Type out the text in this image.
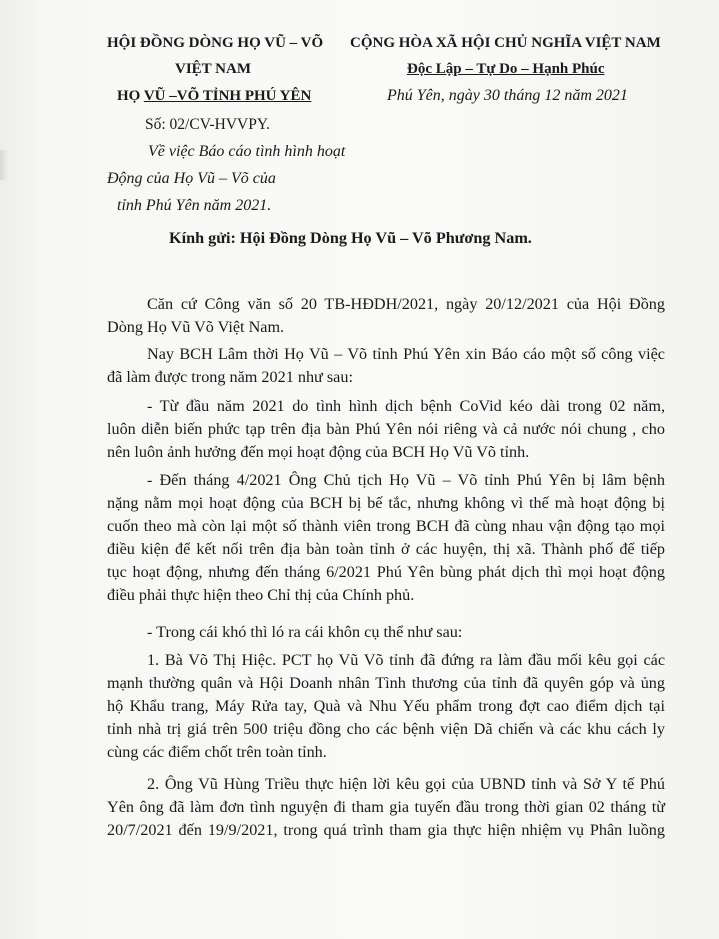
HỘI ĐỒNG DÒNG HỌ VŨ – VÕ
VIỆT NAM
HỌ VŨ –VÕ TỈNH PHÚ YÊN
CỘNG HÒA XÃ HỘI CHỦ NGHĨA VIỆT NAM
Độc Lập – Tự Do – Hạnh Phúc
Phú Yên, ngày 30 tháng 12 năm 2021
Số: 02/CV-HVVPY.
Về việc Báo cáo tình hình hoạt
Động của Họ Vũ – Võ của
tỉnh Phú Yên năm 2021.
Kính gửi: Hội Đồng Dòng Họ Vũ – Võ Phương Nam.
Căn cứ Công văn số 20 TB-HĐDH/2021, ngày 20/12/2021 của Hội Đồng
Dòng Họ Vũ Võ Việt Nam.
Nay BCH Lâm thời Họ Vũ – Võ tỉnh Phú Yên xin Báo cáo một số công việc
đã làm được trong năm 2021 như sau:
- Từ đầu năm 2021 do tình hình dịch bệnh CoVid kéo dài trong 02 năm,
luôn diễn biến phức tạp trên địa bàn Phú Yên nói riêng và cả nước nói chung , cho
nên luôn ảnh hưởng đến mọi hoạt động của BCH Họ Vũ Võ tỉnh.
- Đến tháng 4/2021 Ông Chủ tịch Họ Vũ – Võ tỉnh Phú Yên bị lâm bệnh
nặng nằm mọi hoạt động của BCH bị bế tắc, nhưng không vì thế mà hoạt động bị
cuốn theo mà còn lại một số thành viên trong BCH đã cùng nhau vận động tạo mọi
điều kiện để kết nối trên địa bàn toàn tỉnh ở các huyện, thị xã. Thành phố để tiếp
tục hoạt động, nhưng đến tháng 6/2021 Phú Yên bùng phát dịch thì mọi hoạt động
điều phải thực hiện theo Chỉ thị của Chính phủ.
- Trong cái khó thì ló ra cái khôn cụ thể như sau:
1. Bà Võ Thị Hiệc. PCT họ Vũ Võ tỉnh đã đứng ra làm đầu mối kêu gọi các
mạnh thường quân và Hội Doanh nhân Tình thương của tỉnh đã quyên góp và ủng
hộ Khẩu trang, Máy Rửa tay, Quà và Nhu Yếu phẩm trong đợt cao điểm dịch tại
tỉnh nhà trị giá trên 500 triệu đồng cho các bệnh viện Dã chiến và các khu cách ly
cùng các điểm chốt trên toàn tỉnh.
2. Ông Vũ Hùng Triều thực hiện lời kêu gọi của UBND tỉnh và Sở Y tế Phú
Yên ông đã làm đơn tình nguyện đi tham gia tuyến đầu trong thời gian 02 tháng từ
20/7/2021 đến 19/9/2021, trong quá trình tham gia thực hiện nhiệm vụ Phân luồng
